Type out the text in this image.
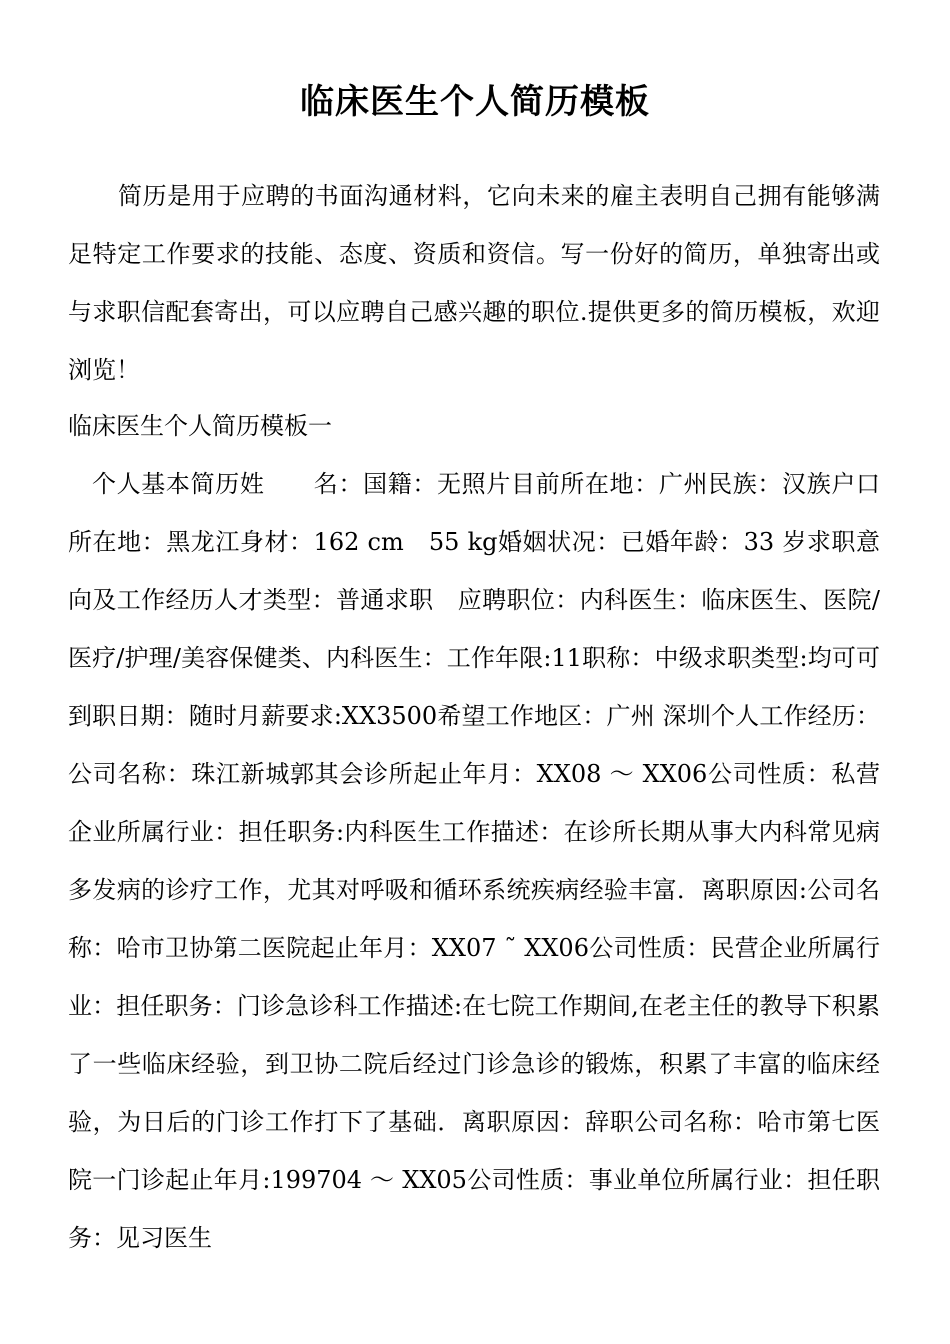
临床医生个人简历模板
简历是用于应聘的书面沟通材料，它向未来的雇主表明自己拥有能够满足特定工作要求的技能、态度、资质和资信。写一份好的简历，单独寄出或与求职信配套寄出，可以应聘自己感兴趣的职位.提供更多的简历模板，欢迎浏览！
临床医生个人简历模板一
个人基本简历姓　　名：国籍：无照片目前所在地：广州民族：汉族户口所在地：黑龙江身材：162 cm　55 kg婚姻状况：已婚年龄：33 岁求职意向及工作经历人才类型：普通求职　应聘职位：内科医生：临床医生、医院/医疗/护理/美容保健类、内科医生：工作年限:11职称：中级求职类型:均可可到职日期：随时月薪要求:XX3500希望工作地区：广州 深圳个人工作经历：公司名称：珠江新城郭其会诊所起止年月：XX08 ～ XX06公司性质：私营企业所属行业：担任职务:内科医生工作描述：在诊所长期从事大内科常见病多发病的诊疗工作，尤其对呼吸和循环系统疾病经验丰富．离职原因:公司名称：哈市卫协第二医院起止年月：XX07 ˜ XX06公司性质：民营企业所属行业：担任职务：门诊急诊科工作描述:在七院工作期间,在老主任的教导下积累了一些临床经验，到卫协二院后经过门诊急诊的锻炼，积累了丰富的临床经验，为日后的门诊工作打下了基础．离职原因：辞职公司名称：哈市第七医院一门诊起止年月:199704 ～ XX05公司性质：事业单位所属行业：担任职务：见习医生
